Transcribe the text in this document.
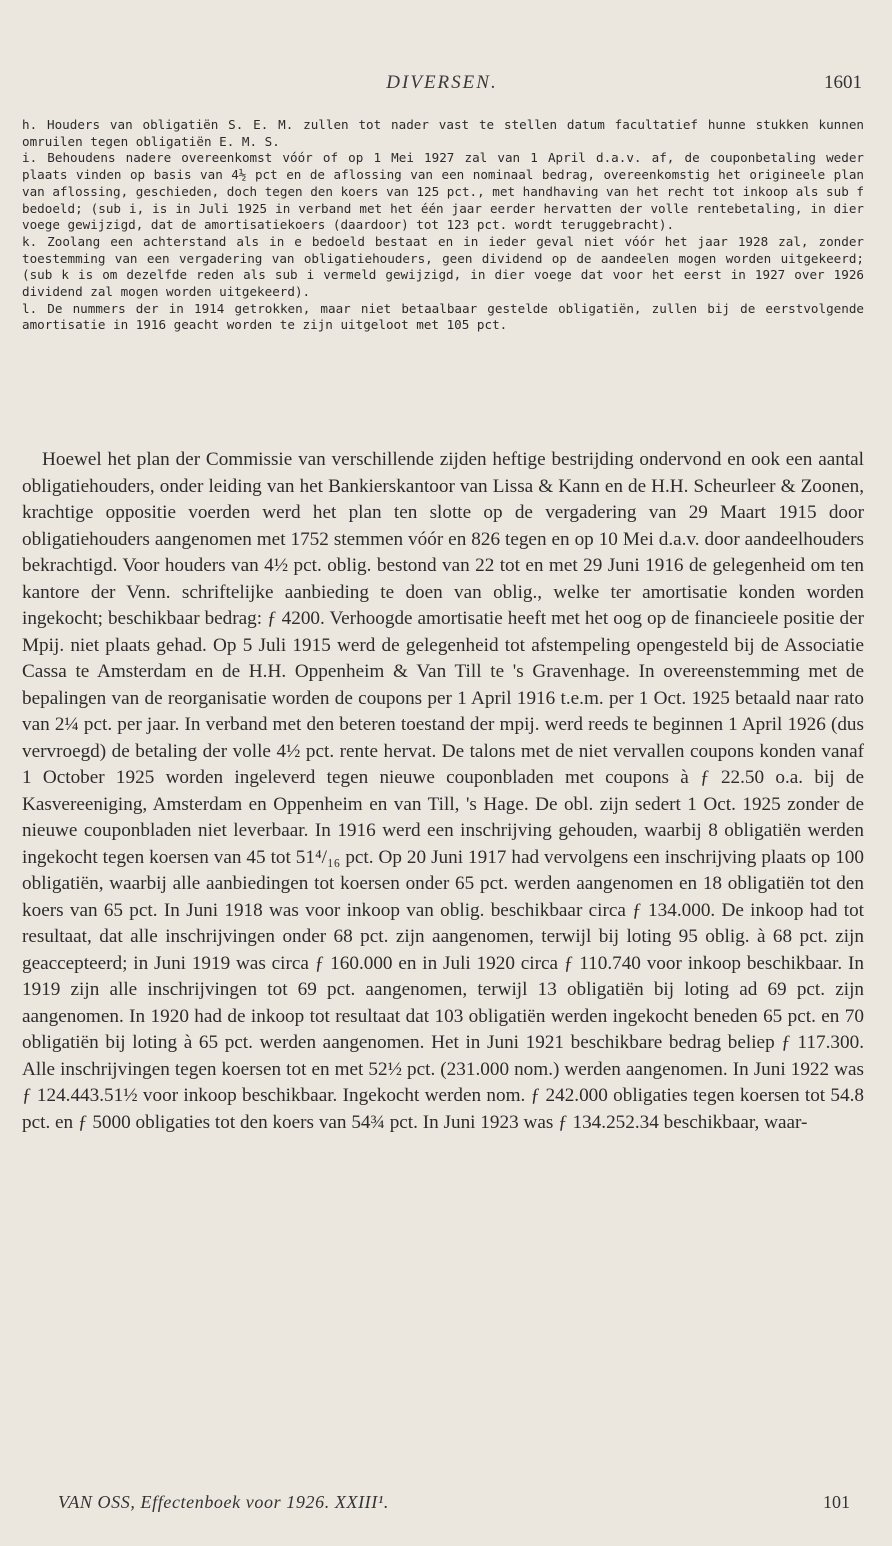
DIVERSEN.	1601

h. Houders van obligatiën S. E. M. zullen tot nader vast te stellen datum facultatief hunne stukken kunnen omruilen tegen obligatiën E. M. S.

i. Behoudens nadere overeenkomst vóór of op 1 Mei 1927 zal van 1 April d.a.v. af, de couponbetaling weder plaats vinden op basis van 4½ pct en de aflossing van een nominaal bedrag, overeenkomstig het origineele plan van aflossing, geschieden, doch tegen den koers van 125 pct., met handhaving van het recht tot inkoop als sub f bedoeld; (sub i, is in Juli 1925 in verband met het één jaar eerder hervatten der volle rentebetaling, in dier voege gewijzigd, dat de amortisatiekoers (daardoor) tot 123 pct. wordt teruggebracht).

k. Zoolang een achterstand als in e bedoeld bestaat en in ieder geval niet vóór het jaar 1928 zal, zonder toestemming van een vergadering van obligatiehouders, geen dividend op de aandeelen mogen worden uitgekeerd; (sub k is om dezelfde reden als sub i vermeld gewijzigd, in dier voege dat voor het eerst in 1927 over 1926 dividend zal mogen worden uitgekeerd).

l. De nummers der in 1914 getrokken, maar niet betaalbaar gestelde obligatiën, zullen bij de eerstvolgende amortisatie in 1916 geacht worden te zijn uitgeloot met 105 pct.

Hoewel het plan der Commissie van verschillende zijden heftige bestrijding ondervond en ook een aantal obligatiehouders, onder leiding van het Bankierskantoor van Lissa & Kann en de H.H. Scheurleer & Zoonen, krachtige oppositie voerden werd het plan ten slotte op de vergadering van 29 Maart 1915 door obligatiehouders aangenomen met 1752 stemmen vóór en 826 tegen en op 10 Mei d.a.v. door aandeelhouders bekrachtigd. Voor houders van 4½ pct. oblig. bestond van 22 tot en met 29 Juni 1916 de gelegenheid om ten kantore der Venn. schriftelijke aanbieding te doen van oblig., welke ter amortisatie konden worden ingekocht; beschikbaar bedrag: ƒ 4200. Verhoogde amortisatie heeft met het oog op de financieele positie der Mpij. niet plaats gehad. Op 5 Juli 1915 werd de gelegenheid tot afstempeling opengesteld bij de Associatie Cassa te Amsterdam en de H.H. Oppenheim & Van Till te 's Gravenhage. In overeenstemming met de bepalingen van de reorganisatie worden de coupons per 1 April 1916 t.e.m. per 1 Oct. 1925 betaald naar rato van 2¼ pct. per jaar. In verband met den beteren toestand der mpij. werd reeds te beginnen 1 April 1926 (dus vervroegd) de betaling der volle 4½ pct. rente hervat. De talons met de niet vervallen coupons konden vanaf 1 October 1925 worden ingeleverd tegen nieuwe couponbladen met coupons à ƒ 22.50 o.a. bij de Kasvereeniging, Amsterdam en Oppenheim en van Till, 's Hage. De obl. zijn sedert 1 Oct. 1925 zonder de nieuwe couponbladen niet leverbaar. In 1916 werd een inschrijving gehouden, waarbij 8 obligatiën werden ingekocht tegen koersen van 45 tot 51⁴/₁₆ pct. Op 20 Juni 1917 had vervolgens een inschrijving plaats op 100 obligatiën, waarbij alle aanbiedingen tot koersen onder 65 pct. werden aangenomen en 18 obligatiën tot den koers van 65 pct. In Juni 1918 was voor inkoop van oblig. beschikbaar circa ƒ 134.000. De inkoop had tot resultaat, dat alle inschrijvingen onder 68 pct. zijn aangenomen, terwijl bij loting 95 oblig. à 68 pct. zijn geaccepteerd; in Juni 1919 was circa ƒ 160.000 en in Juli 1920 circa ƒ 110.740 voor inkoop beschikbaar. In 1919 zijn alle inschrijvingen tot 69 pct. aangenomen, terwijl 13 obligatiën bij loting ad 69 pct. zijn aangenomen. In 1920 had de inkoop tot resultaat dat 103 obligatiën werden ingekocht beneden 65 pct. en 70 obligatiën bij loting à 65 pct. werden aangenomen. Het in Juni 1921 beschikbare bedrag beliep ƒ 117.300. Alle inschrijvingen tegen koersen tot en met 52½ pct. (231.000 nom.) werden aangenomen. In Juni 1922 was ƒ 124.443.51½ voor inkoop beschikbaar. Ingekocht werden nom. ƒ 242.000 obligaties tegen koersen tot 54.8 pct. en ƒ 5000 obligaties tot den koers van 54¾ pct. In Juni 1923 was ƒ 134.252.34 beschikbaar, waar-

VAN OSS, Effectenboek voor 1926. XXIII¹.	101
